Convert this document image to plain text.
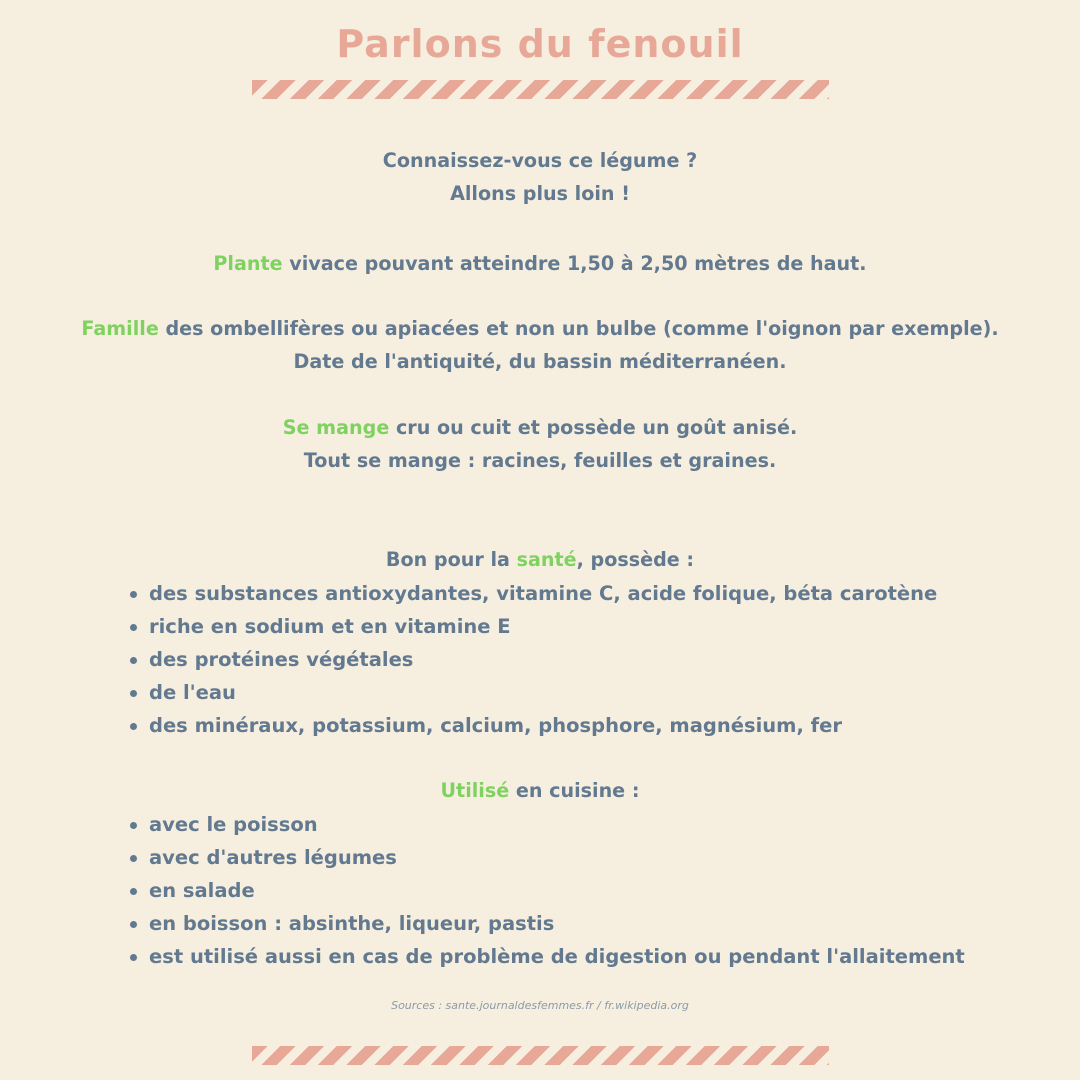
Parlons du fenouil
Connaissez-vous ce légume ?
Allons plus loin !
Plante vivace pouvant atteindre 1,50 à 2,50 mètres de haut.
Famille des ombellifères ou apiacées et non un bulbe (comme l'oignon par exemple).
Date de l'antiquité, du bassin méditerranéen.
Se mange cru ou cuit et possède un goût anisé.
Tout se mange : racines, feuilles et graines.
Bon pour la santé, possède :
des substances antioxydantes, vitamine C, acide folique, béta carotène
riche en sodium et en vitamine E
des protéines végétales
de l'eau
des minéraux, potassium, calcium, phosphore, magnésium, fer
Utilisé en cuisine :
avec le poisson
avec d'autres légumes
en salade
en boisson : absinthe, liqueur, pastis
est utilisé aussi en cas de problème de digestion ou pendant l'allaitement
Sources : sante.journaldesfemmes.fr / fr.wikipedia.org
